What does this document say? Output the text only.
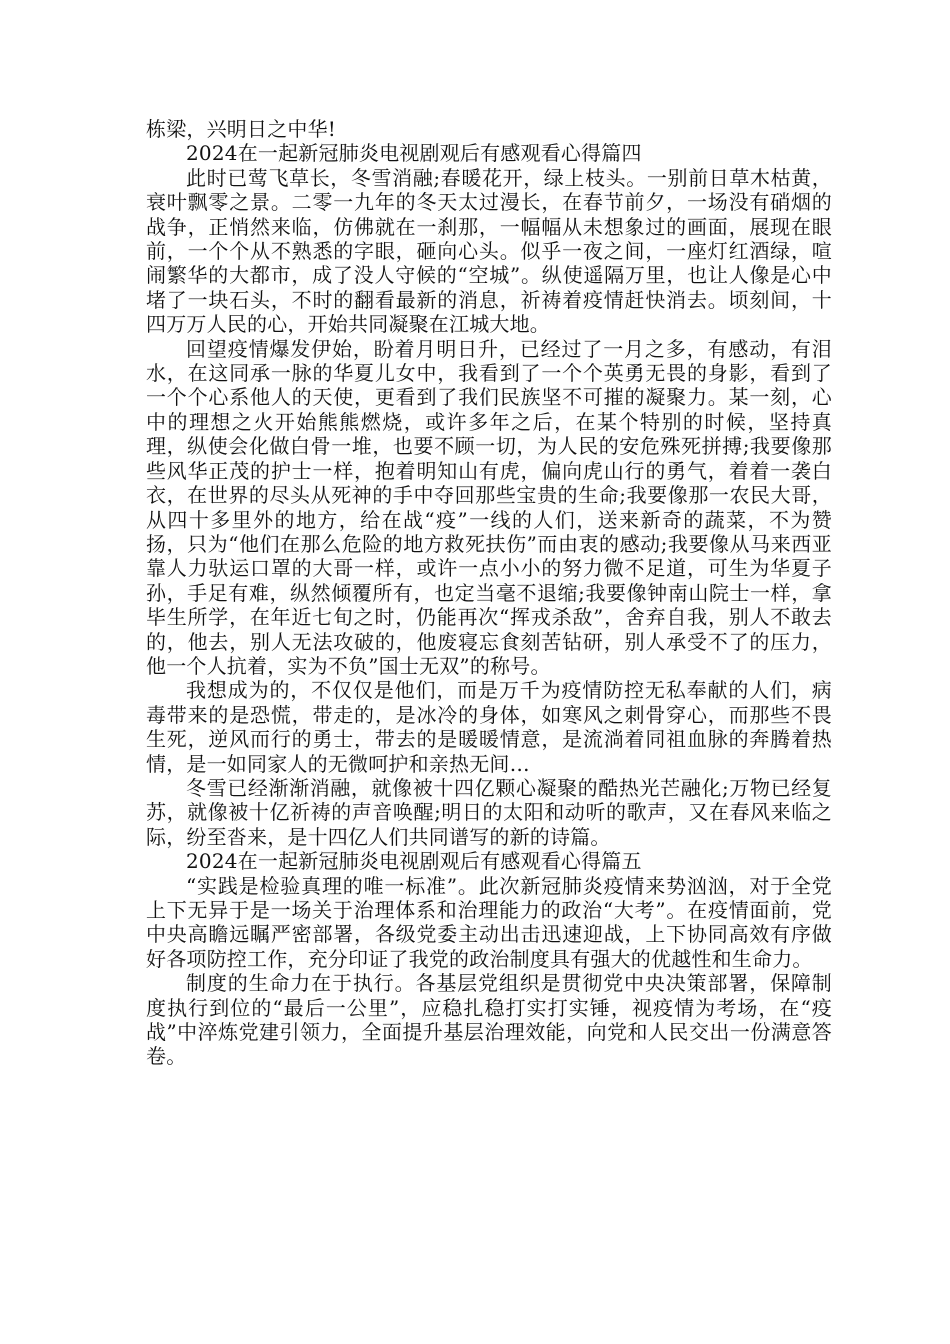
栋梁，兴明日之中华!

2024在一起新冠肺炎电视剧观后有感观看心得篇四

此时已莺飞草长，冬雪消融;春暖花开，绿上枝头。一别前日草木枯黄，衰叶飘零之景。二零一九年的冬天太过漫长，在春节前夕，一场没有硝烟的战争，正悄然来临，仿佛就在一刹那，一幅幅从未想象过的画面，展现在眼前，一个个从不熟悉的字眼，砸向心头。似乎一夜之间，一座灯红酒绿，喧闹繁华的大都市，成了没人守候的“空城”。纵使遥隔万里，也让人像是心中堵了一块石头，不时的翻看最新的消息，祈祷着疫情赶快消去。顷刻间，十四万万人民的心，开始共同凝聚在江城大地。

回望疫情爆发伊始，盼着月明日升，已经过了一月之多，有感动，有泪水，在这同承一脉的华夏儿女中，我看到了一个个英勇无畏的身影，看到了一个个心系他人的天使，更看到了我们民族坚不可摧的凝聚力。某一刻，心中的理想之火开始熊熊燃烧，或许多年之后，在某个特别的时候，坚持真理，纵使会化做白骨一堆，也要不顾一切，为人民的安危殊死拼搏;我要像那些风华正茂的护士一样，抱着明知山有虎，偏向虎山行的勇气，着着一袭白衣，在世界的尽头从死神的手中夺回那些宝贵的生命;我要像那一农民大哥，从四十多里外的地方，给在战“疫”一线的人们，送来新奇的蔬菜，不为赞扬，只为“他们在那么危险的地方救死扶伤”而由衷的感动;我要像从马来西亚靠人力驮运口罩的大哥一样，或许一点小小的努力微不足道，可生为华夏子孙，手足有难，纵然倾覆所有，也定当毫不退缩;我要像钟南山院士一样，拿毕生所学，在年近七旬之时，仍能再次“挥戎杀敌”，舍弃自我，别人不敢去的，他去，别人无法攻破的，他废寝忘食刻苦钻研，别人承受不了的压力，他一个人抗着，实为不负”国士无双”的称号。

我想成为的，不仅仅是他们，而是万千为疫情防控无私奉献的人们，病毒带来的是恐慌，带走的，是冰冷的身体，如寒风之刺骨穿心，而那些不畏生死，逆风而行的勇士，带去的是暖暖情意，是流淌着同祖血脉的奔腾着热情，是一如同家人的无微呵护和亲热无间…

冬雪已经渐渐消融，就像被十四亿颗心凝聚的酷热光芒融化;万物已经复苏，就像被十亿祈祷的声音唤醒;明日的太阳和动听的歌声，又在春风来临之际，纷至沓来，是十四亿人们共同谱写的新的诗篇。

2024在一起新冠肺炎电视剧观后有感观看心得篇五

“实践是检验真理的唯一标准”。此次新冠肺炎疫情来势汹汹，对于全党上下无异于是一场关于治理体系和治理能力的政治“大考”。在疫情面前，党中央高瞻远瞩严密部署，各级党委主动出击迅速迎战，上下协同高效有序做好各项防控工作，充分印证了我党的政治制度具有强大的优越性和生命力。

制度的生命力在于执行。各基层党组织是贯彻党中央决策部署，保障制度执行到位的“最后一公里”，应稳扎稳打实打实锤，视疫情为考场，在“疫战”中淬炼党建引领力，全面提升基层治理效能，向党和人民交出一份满意答卷。
